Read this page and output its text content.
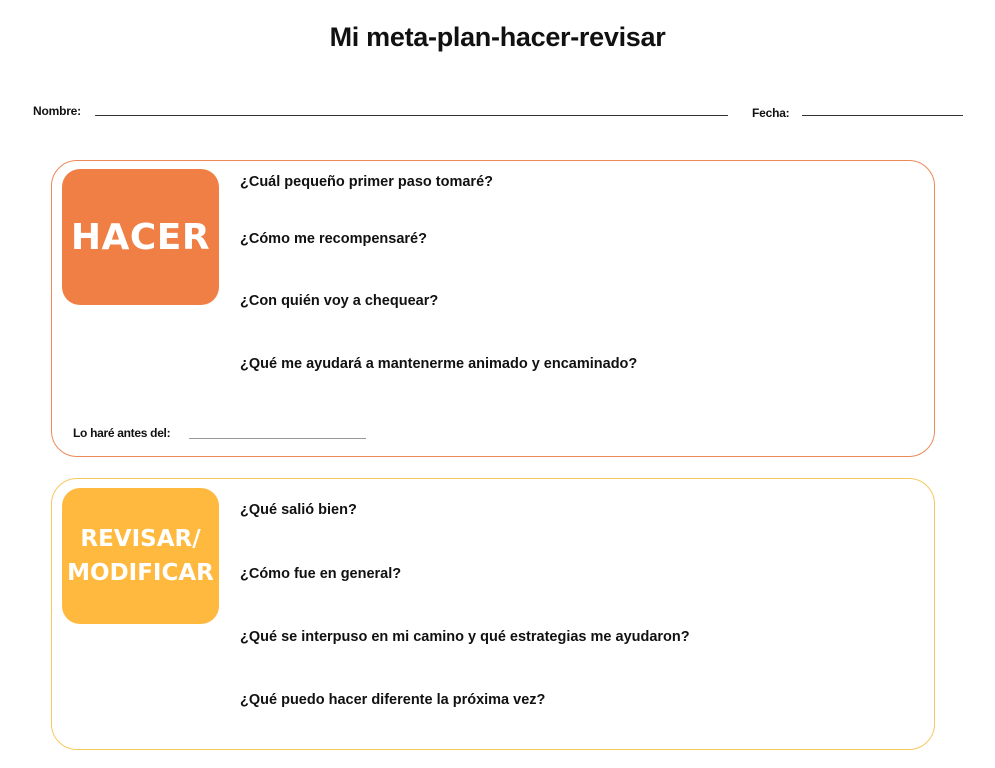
Mi meta-plan-hacer-revisar
Nombre:	Fecha:
HACER
¿Cuál pequeño primer paso tomaré?
¿Cómo me recompensaré?
¿Con quién voy a chequear?
¿Qué me ayudará a mantenerme animado y encaminado?
Lo haré antes del:
REVISAR/
MODIFICAR
¿Qué salió bien?
¿Cómo fue en general?
¿Qué se interpuso en mi camino y qué estrategias me ayudaron?
¿Qué puedo hacer diferente la próxima vez?
